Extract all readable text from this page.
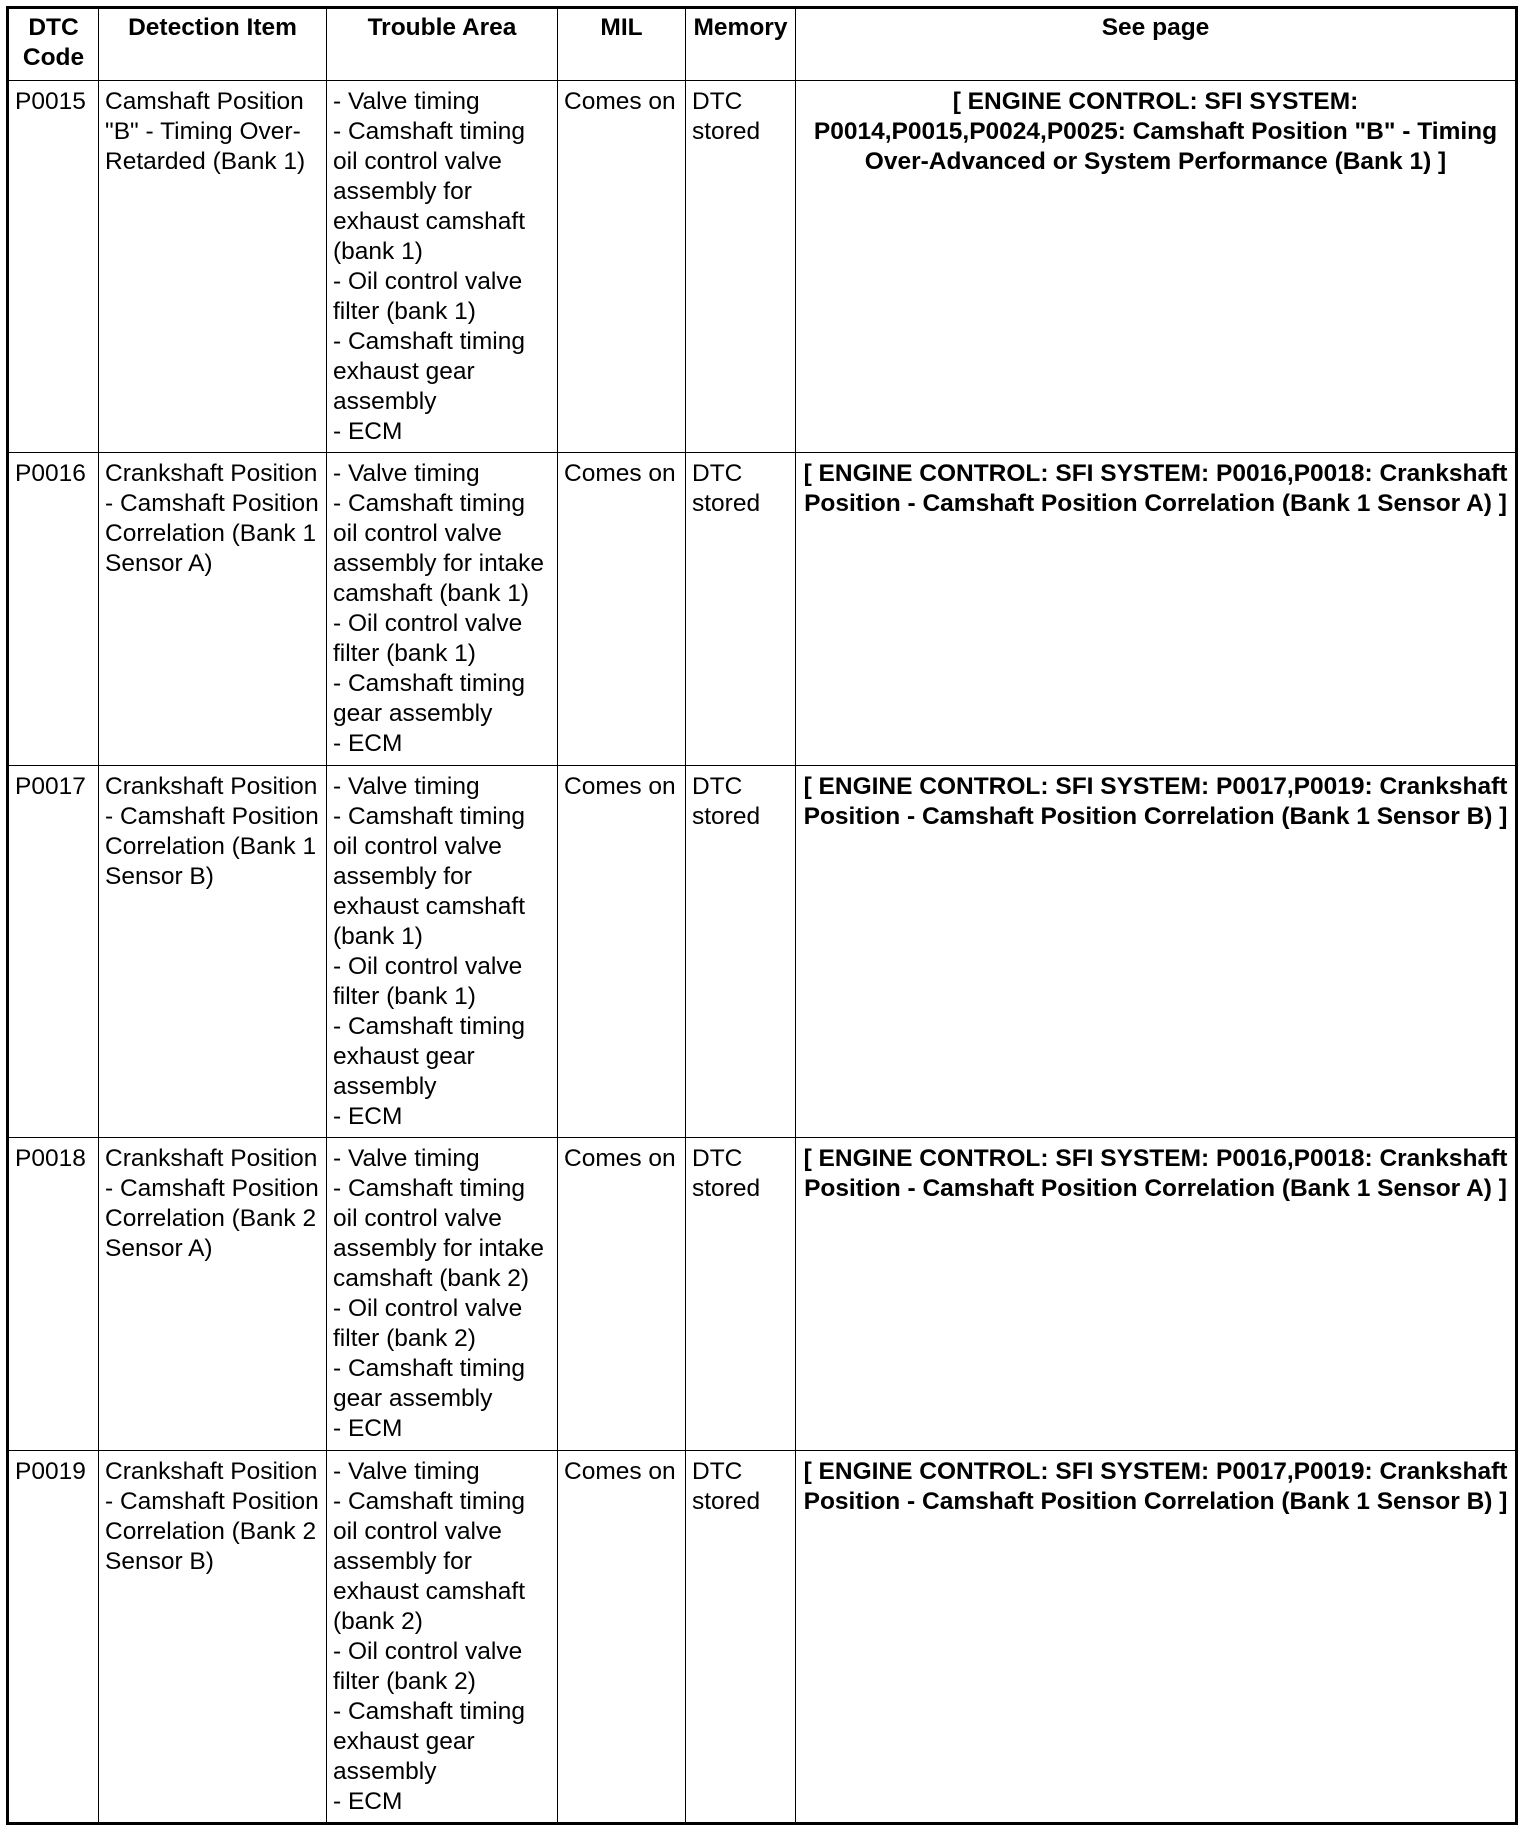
DTC Code	Detection Item	Trouble Area	MIL	Memory	See page
P0015	Camshaft Position "B" - Timing Over-Retarded (Bank 1)	- Valve timing
- Camshaft timing oil control valve assembly for exhaust camshaft (bank 1)
- Oil control valve filter (bank 1)
- Camshaft timing exhaust gear assembly
- ECM	Comes on	DTC stored	[ ENGINE CONTROL: SFI SYSTEM: P0014,P0015,P0024,P0025: Camshaft Position "B" - Timing Over-Advanced or System Performance (Bank 1) ]
P0016	Crankshaft Position - Camshaft Position Correlation (Bank 1 Sensor A)	- Valve timing
- Camshaft timing oil control valve assembly for intake camshaft (bank 1)
- Oil control valve filter (bank 1)
- Camshaft timing gear assembly
- ECM	Comes on	DTC stored	[ ENGINE CONTROL: SFI SYSTEM: P0016,P0018: Crankshaft Position - Camshaft Position Correlation (Bank 1 Sensor A) ]
P0017	Crankshaft Position - Camshaft Position Correlation (Bank 1 Sensor B)	- Valve timing
- Camshaft timing oil control valve assembly for exhaust camshaft (bank 1)
- Oil control valve filter (bank 1)
- Camshaft timing exhaust gear assembly
- ECM	Comes on	DTC stored	[ ENGINE CONTROL: SFI SYSTEM: P0017,P0019: Crankshaft Position - Camshaft Position Correlation (Bank 1 Sensor B) ]
P0018	Crankshaft Position - Camshaft Position Correlation (Bank 2 Sensor A)	- Valve timing
- Camshaft timing oil control valve assembly for intake camshaft (bank 2)
- Oil control valve filter (bank 2)
- Camshaft timing gear assembly
- ECM	Comes on	DTC stored	[ ENGINE CONTROL: SFI SYSTEM: P0016,P0018: Crankshaft Position - Camshaft Position Correlation (Bank 1 Sensor A) ]
P0019	Crankshaft Position - Camshaft Position Correlation (Bank 2 Sensor B)	- Valve timing
- Camshaft timing oil control valve assembly for exhaust camshaft (bank 2)
- Oil control valve filter (bank 2)
- Camshaft timing exhaust gear assembly
- ECM	Comes on	DTC stored	[ ENGINE CONTROL: SFI SYSTEM: P0017,P0019: Crankshaft Position - Camshaft Position Correlation (Bank 1 Sensor B) ]
